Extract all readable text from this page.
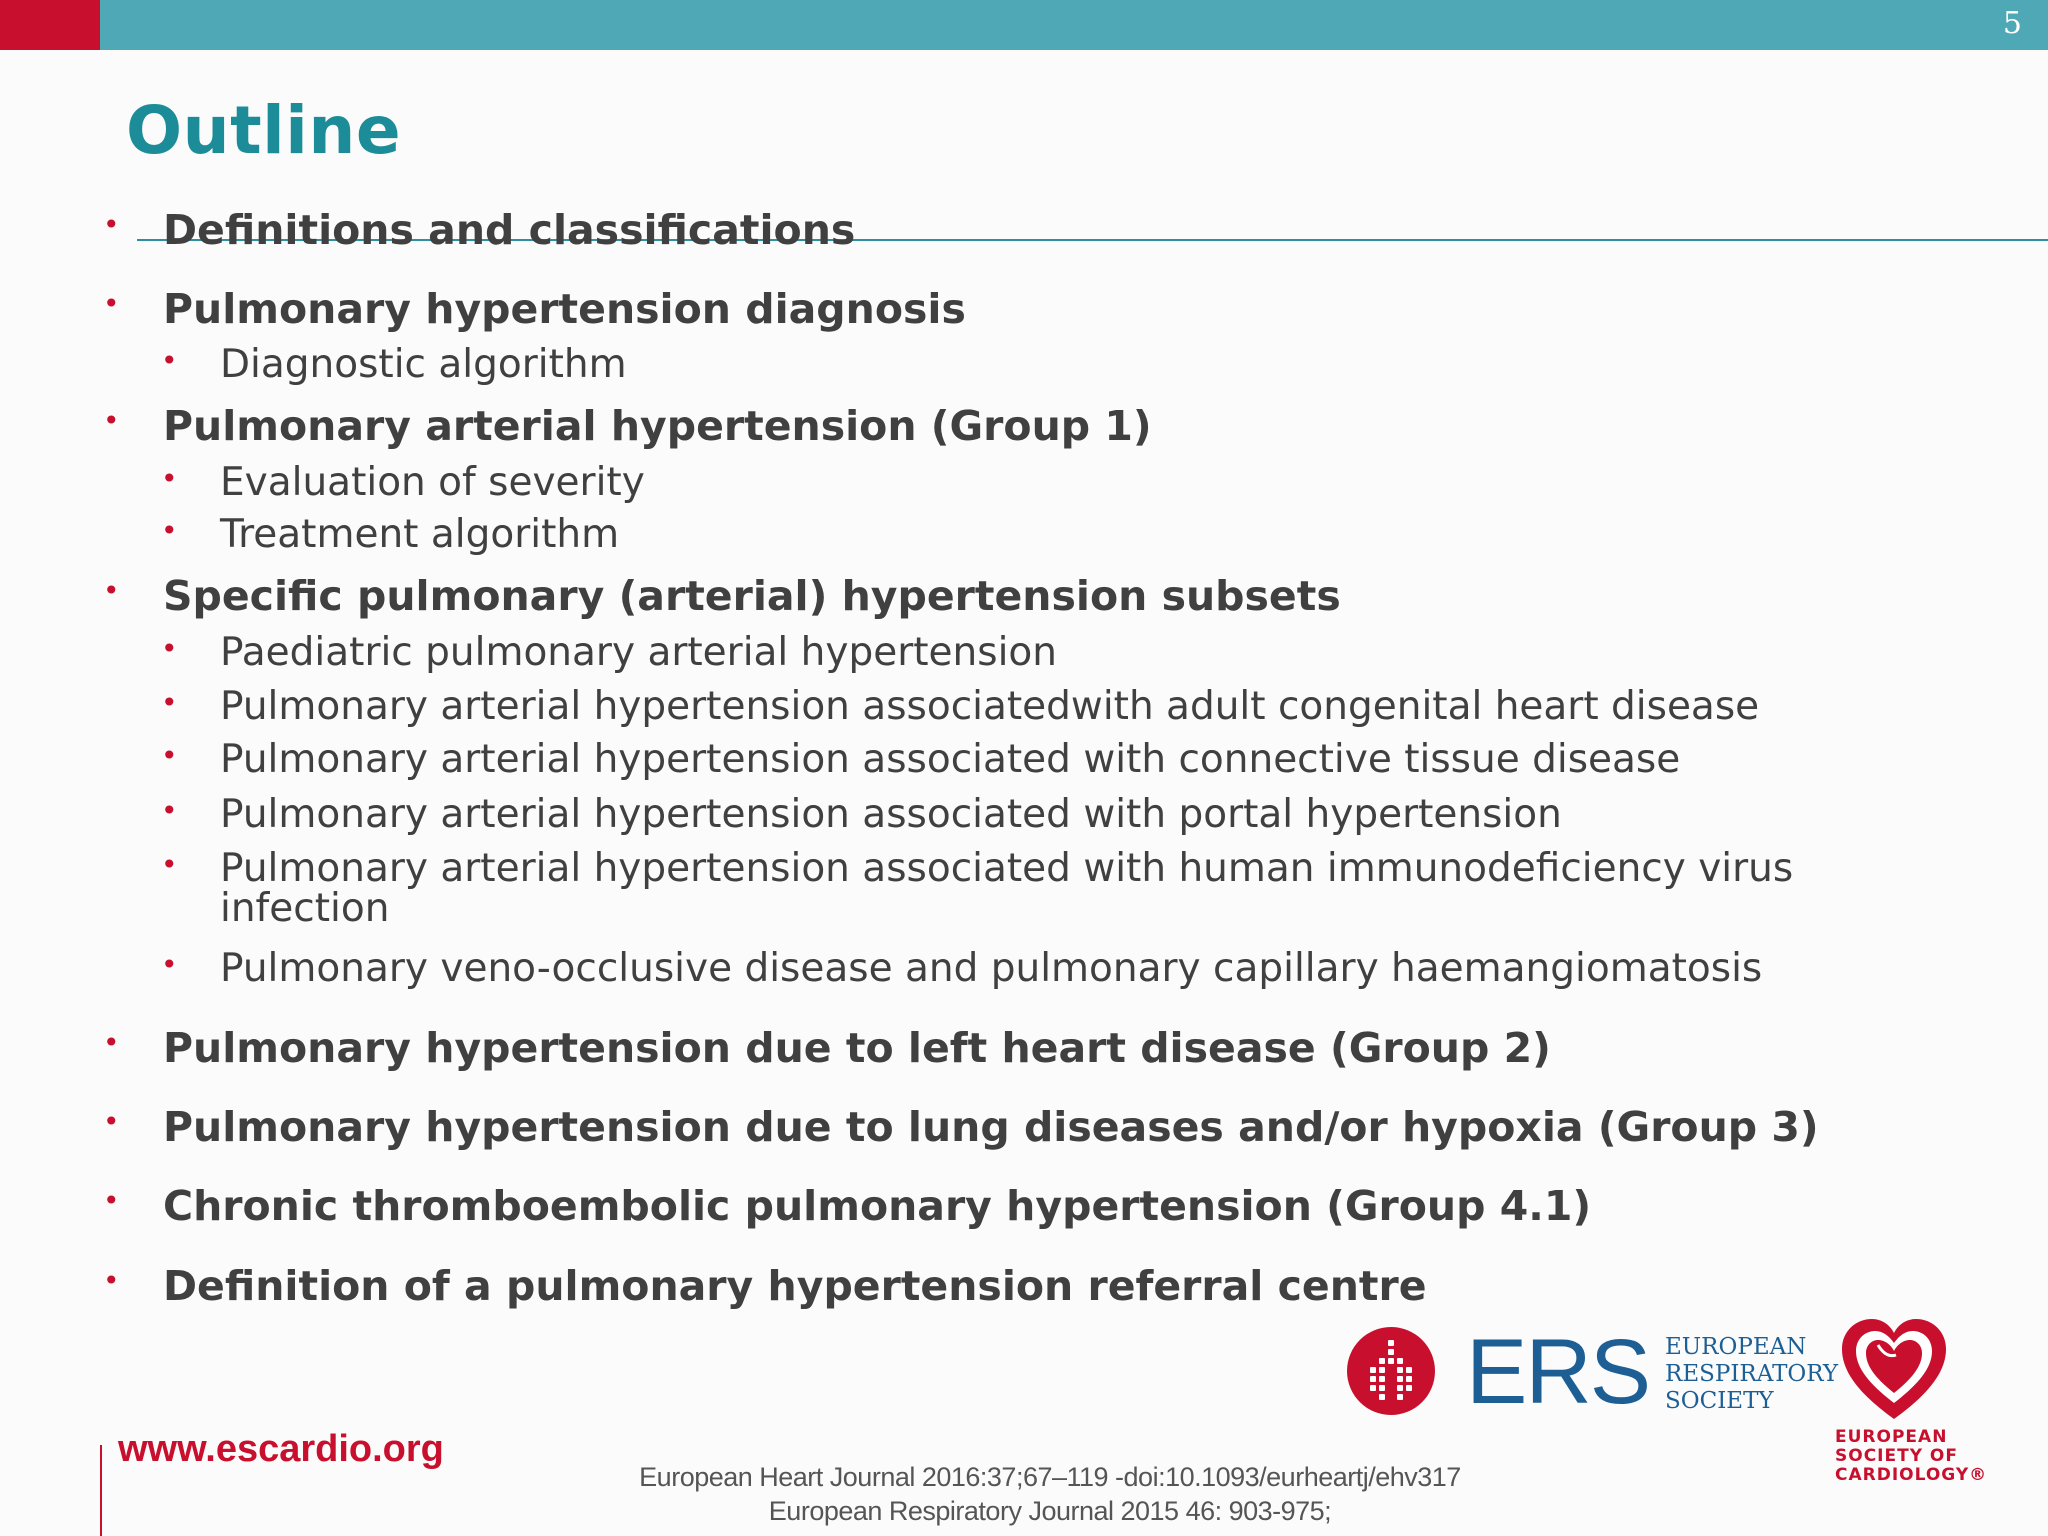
5
Outline
• Definitions and classifications
• Pulmonary hypertension diagnosis
• Diagnostic algorithm
• Pulmonary arterial hypertension (Group 1)
• Evaluation of severity
• Treatment algorithm
• Specific pulmonary (arterial) hypertension subsets
• Paediatric pulmonary arterial hypertension
• Pulmonary arterial hypertension associatedwith adult congenital heart disease
• Pulmonary arterial hypertension associated with connective tissue disease
• Pulmonary arterial hypertension associated with portal hypertension
• Pulmonary arterial hypertension associated with human immunodeficiency virus
infection
• Pulmonary veno-occlusive disease and pulmonary capillary haemangiomatosis
• Pulmonary hypertension due to left heart disease (Group 2)
• Pulmonary hypertension due to lung diseases and/or hypoxia (Group 3)
• Chronic thromboembolic pulmonary hypertension (Group 4.1)
• Definition of a pulmonary hypertension referral centre
ERS EUROPEAN
RESPIRATORY
SOCIETY
EUROPEAN
SOCIETY OF
CARDIOLOGY®
www.escardio.org
European Heart Journal 2016:37;67–119 -doi:10.1093/eurheartj/ehv317
European Respiratory Journal 2015 46: 903-975;
